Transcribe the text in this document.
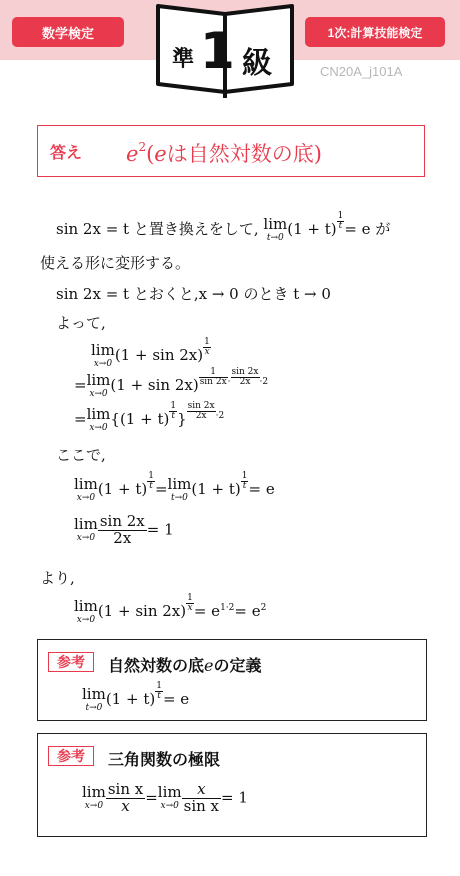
数学検定	1次:計算技能検定
準 1 級	CN20A_j101A
答え $e^2(e$は自然対数の底)
sin 2x = t と置き換えをして, lim
t→0 $(1 + t) \frac{1}{t} = e$ が
使える形に変形する。
sin 2x = t とおくと,x → 0 のとき t → 0
よって,
lim
x→0 $(1 + \sin 2x) \frac{1}{x}$
= lim
x→0 $(1 + \sin 2x) \frac{1}{\sin 2x} ^\cdot \frac{\sin 2x}{2x} ^{\cdot 2}$
= lim
x→0 {$(1 + t) \frac{1}{t}$ } $\frac{\sin 2x}{2x} ^{\cdot 2}$
ここで,
lim
x→0 $(1 + t) \frac{1}{t} = \lim$
t→0 $(1 + t) \frac{1}{t} = e$
lim
$x\to 0 \frac{\sin 2x}{2x} = 1$
より,
lim
x→0 $(1 + \sin 2x) \frac{1}{x} = e^{1\cdot 2}= e^2$
参考	自然対数の底eの定義
lim
t→0 $(1 + t) \frac{1}{t} = e$
参考	三角関数の極限
lim
$x\to 0 \frac{\text{sin x}}{x} = \lim$
$x\to 0 \frac{x}{\text{sin x}} = 1$
